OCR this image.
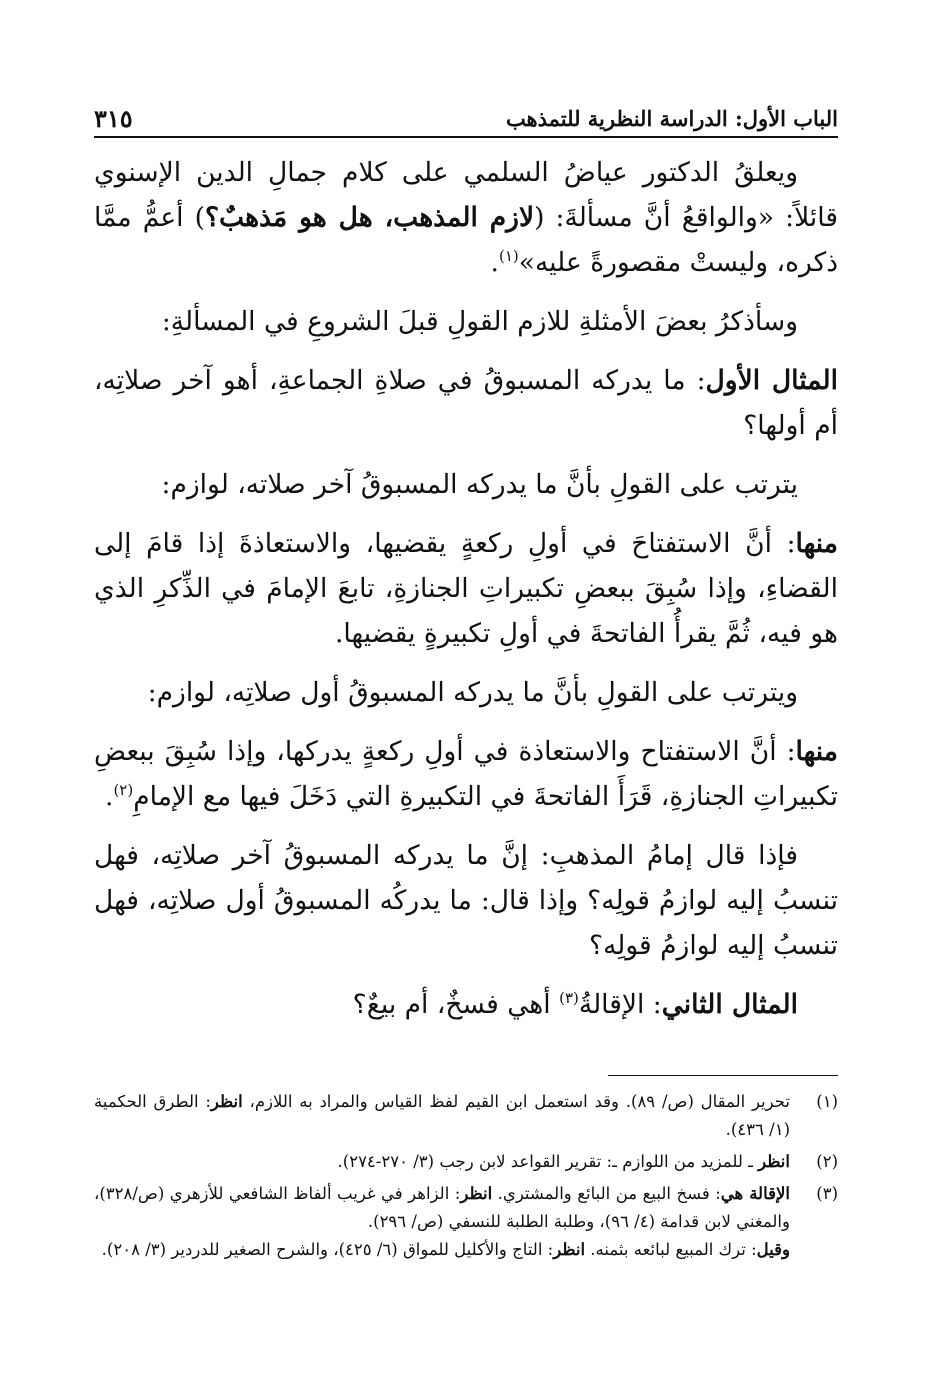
الباب الأول: الدراسة النظرية للتمذهب
٣١٥

ويعلقُ الدكتور عياضُ السلمي على كلام جمالِ الدين الإسنوي قائلاً: «والواقعُ أنَّ مسألةَ: (لازم المذهب، هل هو مَذهبٌ؟) أعمُّ ممَّا ذكره، وليستْ مقصورةً عليه»$^{(١)}$.

وسأذكرُ بعضَ الأمثلةِ للازم القولِ قبلَ الشروعِ في المسألةِ:

المثال الأول: ما يدركه المسبوقُ في صلاةِ الجماعةِ، أهو آخر صلاتِه، أم أولها؟

يترتب على القولِ بأنَّ ما يدركه المسبوقُ آخر صلاته، لوازم:

منها: أنَّ الاستفتاحَ في أولِ ركعةٍ يقضيها، والاستعاذةَ إذا قامَ إلى القضاءِ، وإذا سُبِقَ ببعضِ تكبيراتِ الجنازةِ، تابعَ الإمامَ في الذِّكرِ الذي هو فيه، ثُمَّ يقرأُ الفاتحةَ في أولِ تكبيرةٍ يقضيها.

ويترتب على القولِ بأنَّ ما يدركه المسبوقُ أول صلاتِه، لوازم:

منها: أنَّ الاستفتاح والاستعاذة في أولِ ركعةٍ يدركها، وإذا سُبِقَ ببعضِ تكبيراتِ الجنازةِ، قَرَأَ الفاتحةَ في التكبيرةِ التي دَخَلَ فيها مع الإمامِ$^{(٢)}$.

فإذا قال إمامُ المذهبِ: إنَّ ما يدركه المسبوقُ آخر صلاتِه، فهل تنسبُ إليه لوازمُ قولِه؟ وإذا قال: ما يدركُه المسبوقُ أول صلاتِه، فهل تنسبُ إليه لوازمُ قولِه؟

المثال الثاني: الإقالةُ$^{(٣)}$ أهي فسخٌ، أم بيعٌ؟

(١)
تحرير المقال (ص/ ٨٩). وقد استعمل ابن القيم لفظ القياس والمراد به اللازم، انظر: الطرق الحكمية (١/ ٤٣٦).
(٢)
انظر ـ للمزيد من اللوازم ـ: تقرير القواعد لابن رجب (٣/ ٢٧٠-٢٧٤).
(٣)
الإقالة هي: فسخ البيع من البائع والمشتري. انظر: الزاهر في غريب ألفاظ الشافعي للأزهري (ص/٣٢٨)، والمغني لابن قدامة (٤/ ٩٦)، وطلبة الطلبة للنسفي (ص/ ٢٩٦).
وقيل: ترك المبيع لبائعه بثمنه. انظر: التاج والأكليل للمواق (٦/ ٤٢٥)، والشرح الصغير للدردير (٣/ ٢٠٨).
